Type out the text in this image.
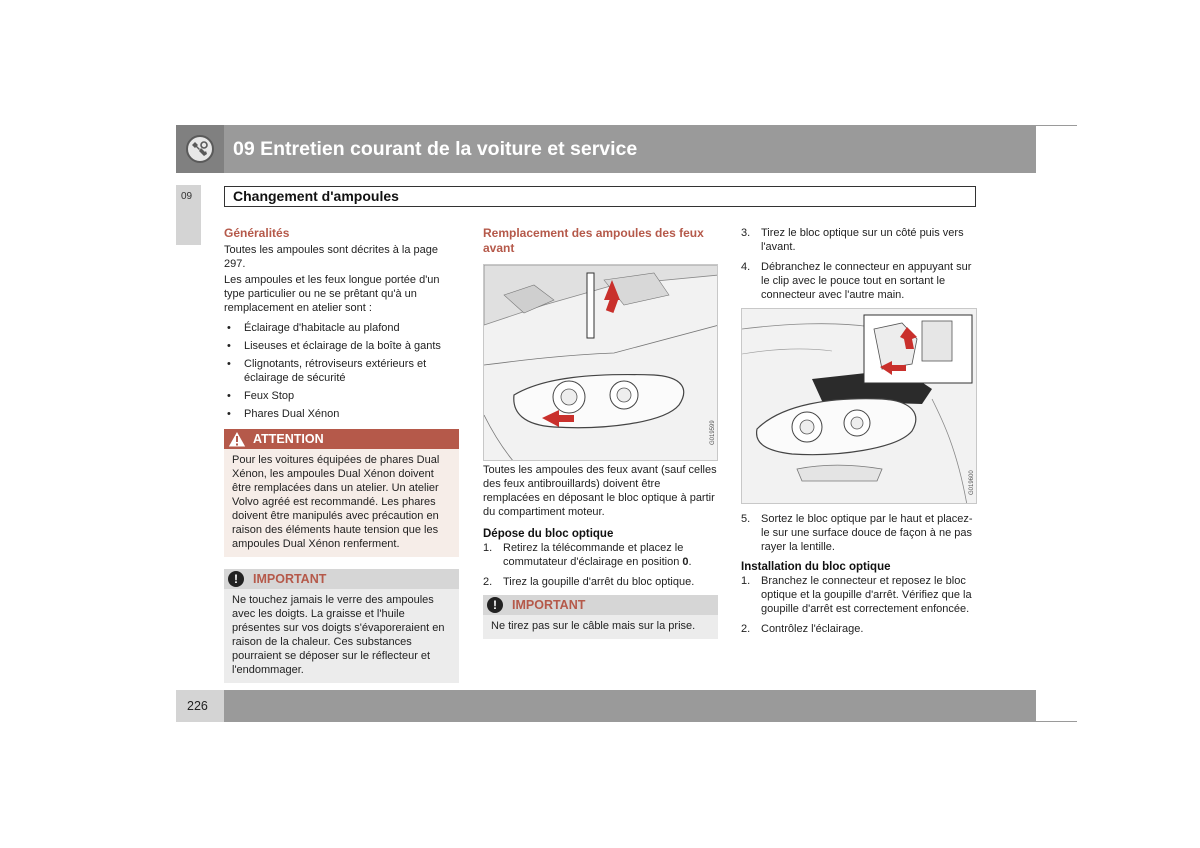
09 Entretien courant de la voiture et service
09	Changement d'ampoules
Généralités

Toutes les ampoules sont décrites à la page 297.

Les ampoules et les feux longue portée d'un type particulier ou ne se prêtant qu'à un remplacement en atelier sont :

• Éclairage d'habitacle au plafond
• Liseuses et éclairage de la boîte à gants
• Clignotants, rétroviseurs extérieurs et éclairage de sécurité
• Feux Stop
• Phares Dual Xénon
ATTENTION
Pour les voitures équipées de phares Dual Xénon, les ampoules Dual Xénon doivent être remplacées dans un atelier. Un atelier Volvo agréé est recommandé. Les phares doivent être manipulés avec précaution en raison des éléments haute tension que les ampoules Dual Xénon renferment.
!	IMPORTANT
Ne touchez jamais le verre des ampoules avec les doigts. La graisse et l'huile présentes sur vos doigts s'évaporeraient en raison de la chaleur. Ces substances pourraient se déposer sur le réflecteur et l'endommager.
Remplacement des ampoules des feux avant
G019599

Toutes les ampoules des feux avant (sauf celles des feux antibrouillards) doivent être remplacées en déposant le bloc optique à partir du compartiment moteur.

Dépose du bloc optique
1. Retirez la télécommande et placez le commutateur d'éclairage en position 0.
2. Tirez la goupille d'arrêt du bloc optique.
!	IMPORTANT
Ne tirez pas sur le câble mais sur la prise.
3. Tirez le bloc optique sur un côté puis vers l'avant.
4. Débranchez le connecteur en appuyant sur le clip avec le pouce tout en sortant le connecteur avec l'autre main.
G019600
5. Sortez le bloc optique par le haut et placez-le sur une surface douce de façon à ne pas rayer la lentille.
Installation du bloc optique
1. Branchez le connecteur et reposez le bloc optique et la goupille d'arrêt. Vérifiez que la goupille d'arrêt est correctement enfoncée.
2. Contrôlez l'éclairage.
226
